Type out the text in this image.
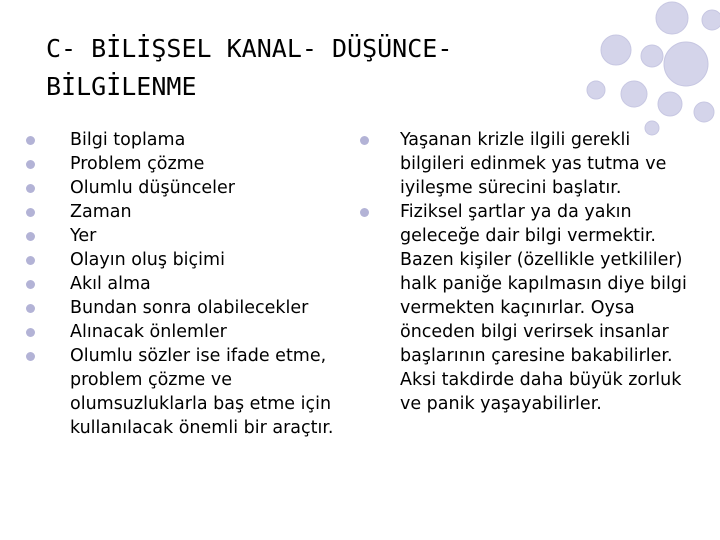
C- BİLİŞSEL KANAL- DÜŞÜNCE-
BİLGİLENME
Bilgi toplama
Problem çözme
Olumlu düşünceler
Zaman
Yer
Olayın oluş biçimi
Akıl alma
Bundan sonra olabilecekler
Alınacak önlemler
Olumlu sözler ise ifade etme, problem çözme ve olumsuzluklarla baş etme için kullanılacak önemli bir araçtır.
Yaşanan krizle ilgili gerekli bilgileri edinmek yas tutma ve iyileşme sürecini başlatır.
Fiziksel şartlar ya da yakın geleceğe dair bilgi vermektir. Bazen kişiler (özellikle yetkililer) halk paniğe kapılmasın diye bilgi vermekten kaçınırlar. Oysa önceden bilgi verirsek insanlar başlarının çaresine bakabilirler. Aksi takdirde daha büyük zorluk ve panik yaşayabilirler.
